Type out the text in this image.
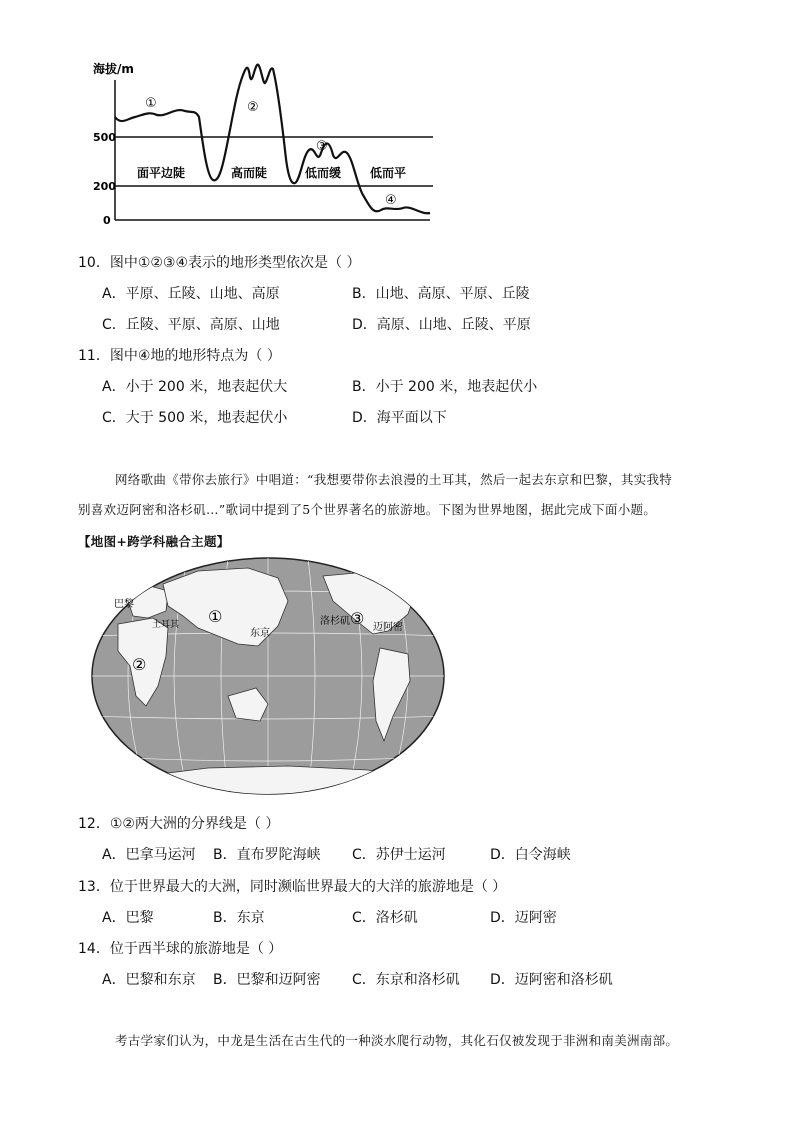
海拔/m
500
200
0
①	②
③
④
面平边陡	高而陡	低而缓 低而平
10．图中①②③④表示的地形类型依次是（ ）
A．平原、丘陵、山地、高原	B．山地、高原、平原、丘陵
C．丘陵、平原、高原、山地	D．高原、山地、丘陵、平原
11．图中④地的地形特点为（ ）
A．小于 200 米，地表起伏大	B．小于 200 米，地表起伏小
C．大于 500 米，地表起伏小	D．海平面以下
网络歌曲《带你去旅行》中唱道：“我想要带你去浪漫的土耳其，然后一起去东京和巴黎，其实我特
别喜欢迈阿密和洛杉矶…”歌词中提到了5个世界著名的旅游地。下图为世界地图，据此完成下面小题。
【地图+跨学科融合主题】
①
②
③
巴黎
土耳其
东京
洛杉矶
迈阿密
12．①②两大洲的分界线是（ ）
A．巴拿马运河 B．直布罗陀海峡 C．苏伊士运河	D．白令海峡
13．位于世界最大的大洲，同时濒临世界最大的大洋的旅游地是（ ）
A．巴黎	B．东京	C．洛杉矶	D．迈阿密
14．位于西半球的旅游地是（ ）
A．巴黎和东京 B．巴黎和迈阿密 C．东京和洛杉矶 D．迈阿密和洛杉矶
考古学家们认为，中龙是生活在古生代的一种淡水爬行动物，其化石仅被发现于非洲和南美洲南部。
